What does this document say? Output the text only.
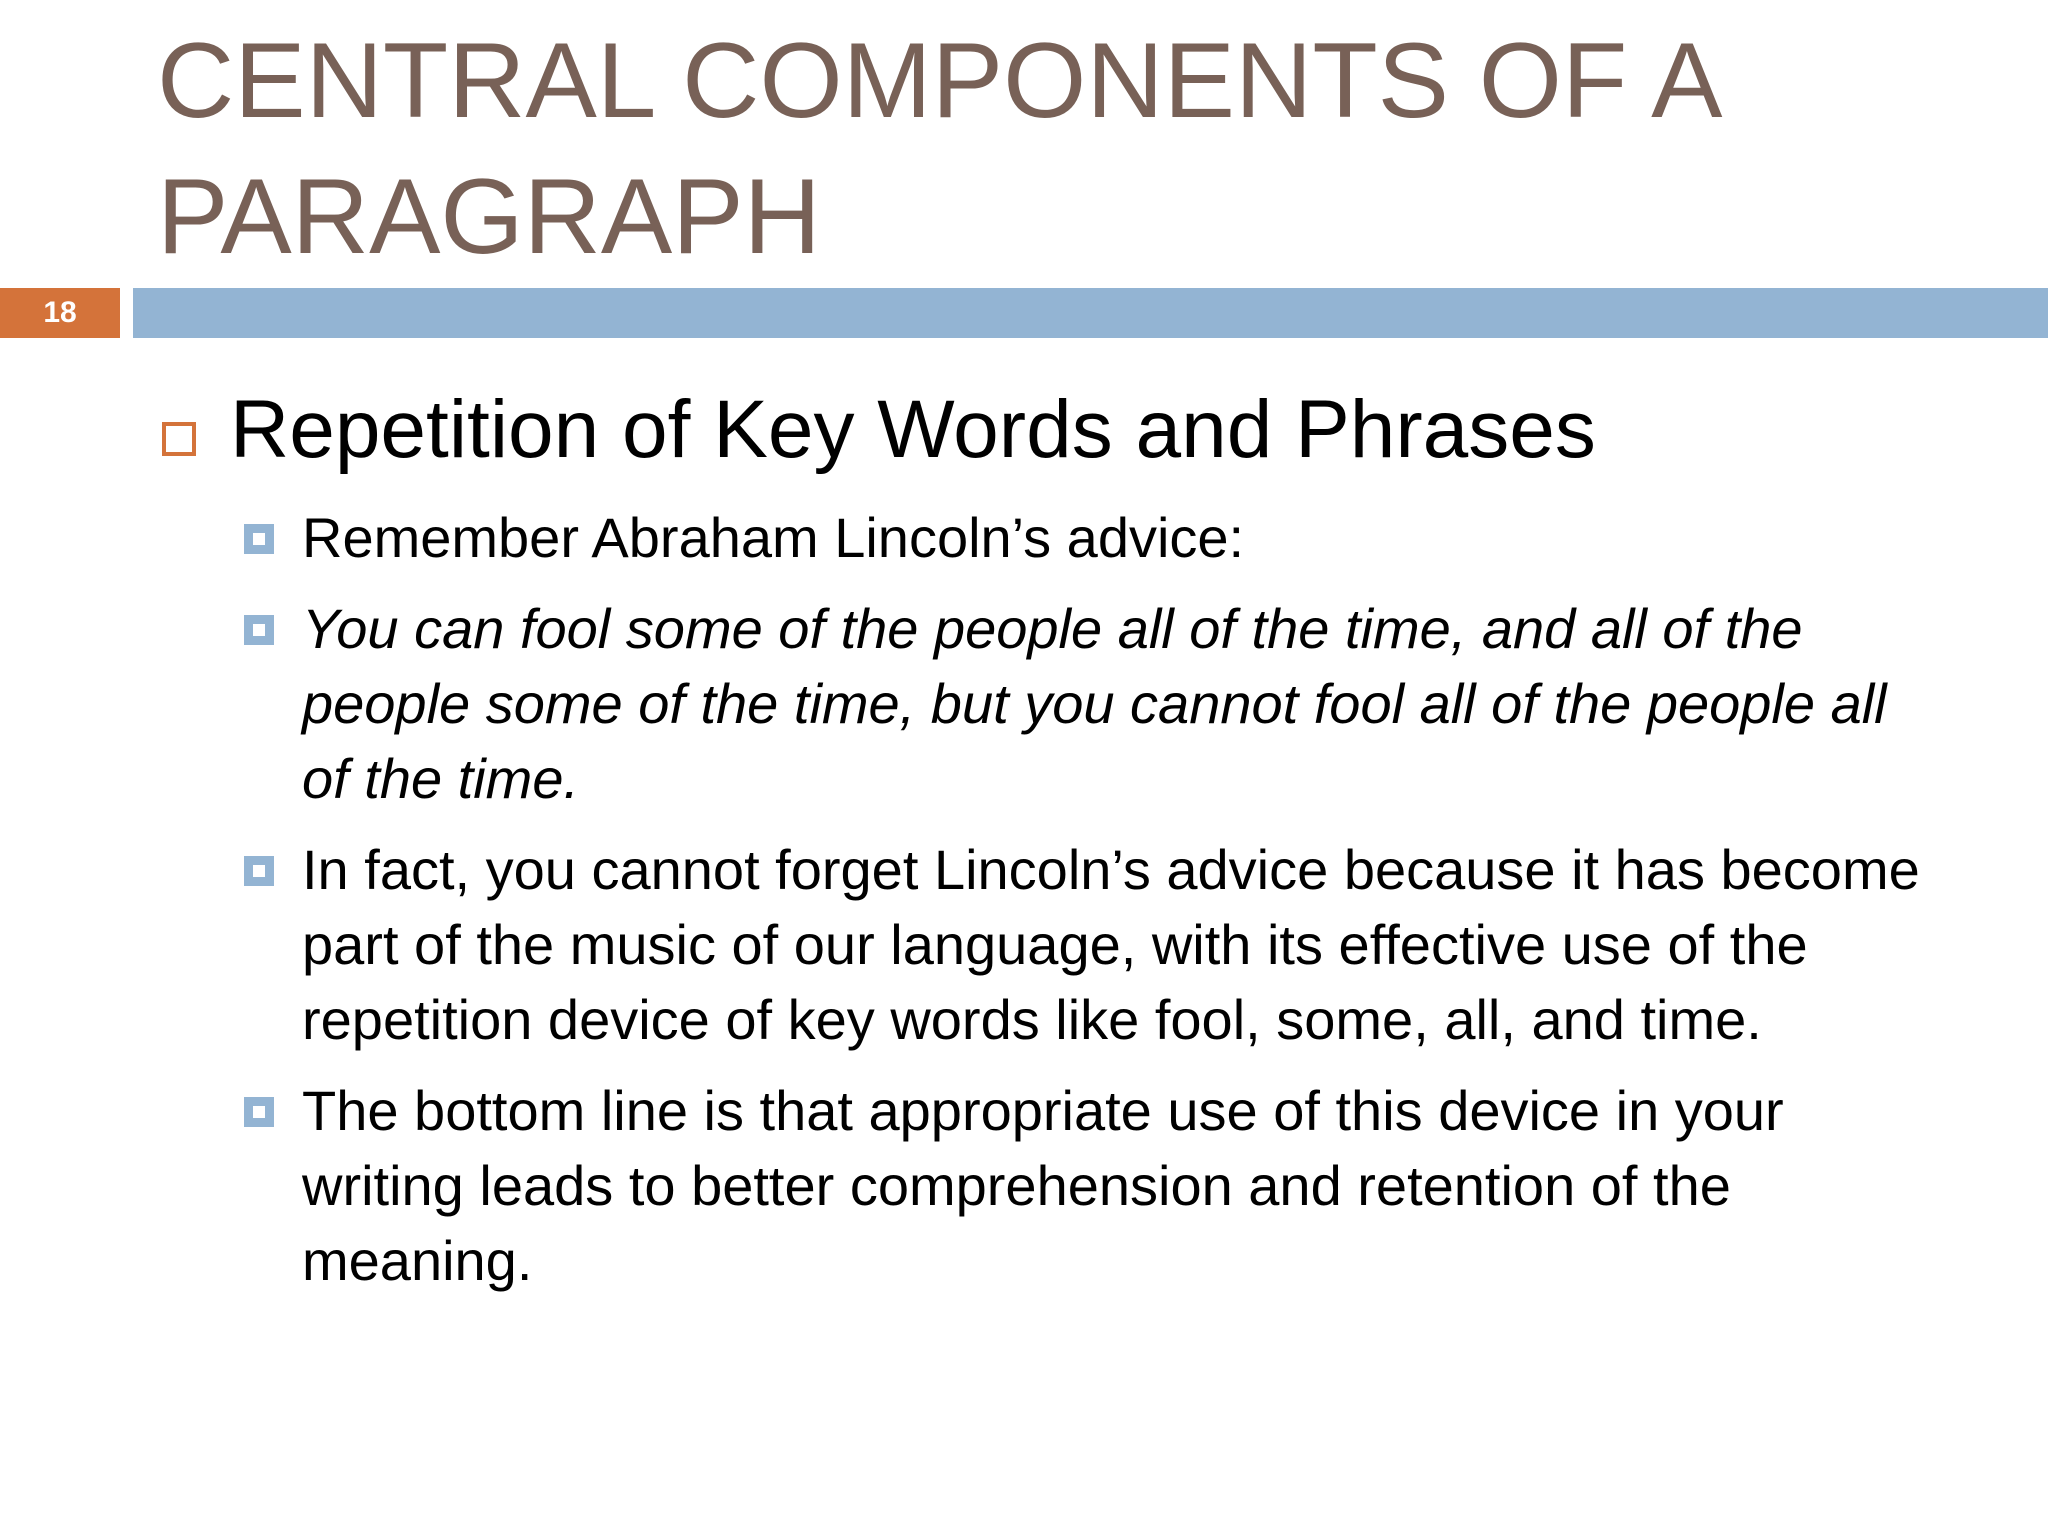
CENTRAL COMPONENTS OF A PARAGRAPH
18
Repetition of Key Words and Phrases
Remember Abraham Lincoln’s advice:
You can fool some of the people all of the time, and all of the people some of the time, but you cannot fool all of the people all of the time.
In fact, you cannot forget Lincoln’s advice because it has become part of the music of our language, with its effective use of the repetition device of key words like fool, some, all, and time.
The bottom line is that appropriate use of this device in your writing leads to better comprehension and retention of the meaning.
